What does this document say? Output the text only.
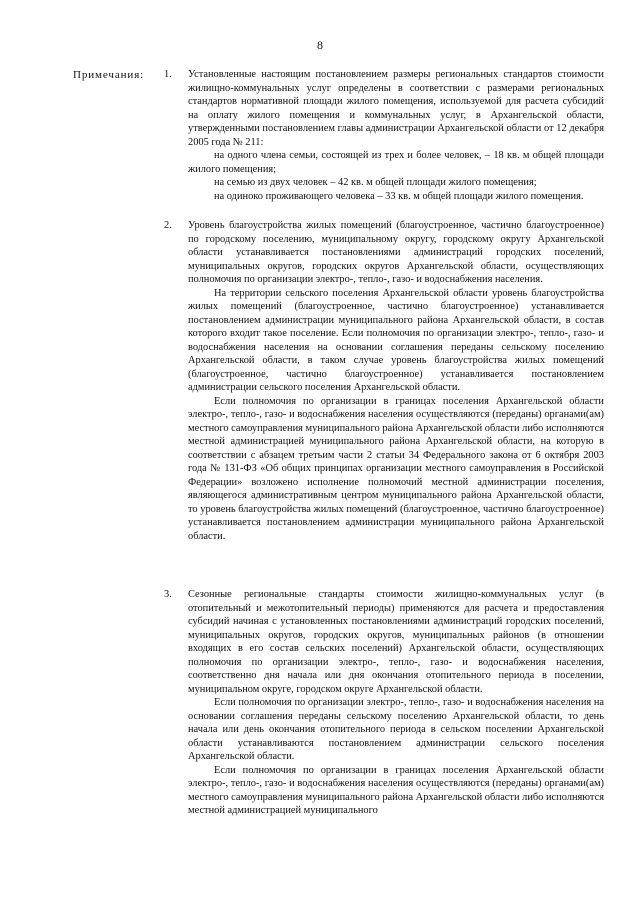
8
Примечания: 1. Установленные настоящим постановлением размеры региональных стандартов стоимости жилищно-коммунальных услуг определены в соответствии с размерами региональных стандартов нормативной площади жилого помещения, используемой для расчета субсидий на оплату жилого помещения и коммунальных услуг, в Архангельской области, утвержденными постановлением главы администрации Архангельской области от 12 декабря 2005 года № 211:

на одного члена семьи, состоящей из трех и более человек, – 18 кв. м общей площади жилого помещения;

на семью из двух человек – 42 кв. м общей площади жилого помещения;

на одиноко проживающего человека – 33 кв. м общей площади жилого помещения.

2. Уровень благоустройства жилых помещений (благоустроенное, частично благоустроенное) по городскому поселению, муниципальному округу, городскому округу Архангельской области устанавливается постановлениями администраций городских поселений, муниципальных округов, городских округов Архангельской области, осуществляющих полномочия по организации электро-, тепло-, газо- и водоснабжения населения.

На территории сельского поселения Архангельской области уровень благоустройства жилых помещений (благоустроенное, частично благоустроенное) устанавливается постановлением администрации муниципального района Архангельской области, в состав которого входит такое поселение. Если полномочия по организации электро-, тепло-, газо- и водоснабжения населения на основании соглашения переданы сельскому поселению Архангельской области, в таком случае уровень благоустройства жилых помещений (благоустроенное, частично благоустроенное) устанавливается постановлением администрации сельского поселения Архангельской области.

Если полномочия по организации в границах поселения Архангельской области электро-, тепло-, газо- и водоснабжения населения осуществляются (переданы) органами(ам) местного самоуправления муниципального района Архангельской области либо исполняются местной администрацией муниципального района Архангельской области, на которую в соответствии с абзацем третьим части 2 статьи 34 Федерального закона от 6 октября 2003 года № 131-ФЗ «Об общих принципах организации местного самоуправления в Российской Федерации» возложено исполнение полномочий местной администрации поселения, являющегося административным центром муниципального района Архангельской области, то уровень благоустройства жилых помещений (благоустроенное, частично благоустроенное) устанавливается постановлением администрации муниципального района Архангельской области.

3. Сезонные региональные стандарты стоимости жилищно-коммунальных услуг (в отопительный и межотопительный периоды) применяются для расчета и предоставления субсидий начиная с установленных постановлениями администраций городских поселений, муниципальных округов, городских округов, муниципальных районов (в отношении входящих в его состав сельских поселений) Архангельской области, осуществляющих полномочия по организации электро-, тепло-, газо- и водоснабжения населения, соответственно дня начала или дня окончания отопительного периода в поселении, муниципальном округе, городском округе Архангельской области.

Если полномочия по организации электро-, тепло-, газо- и водоснабжения населения на основании соглашения переданы сельскому поселению Архангельской области, то день начала или день окончания отопительного периода в сельском поселении Архангельской области устанавливаются постановлением администрации сельского поселения Архангельской области.

Если полномочия по организации в границах поселения Архангельской области электро-, тепло-, газо- и водоснабжения населения осуществляются (переданы) органами(ам) местного самоуправления муниципального района Архангельской области либо исполняются местной администрацией муниципального
